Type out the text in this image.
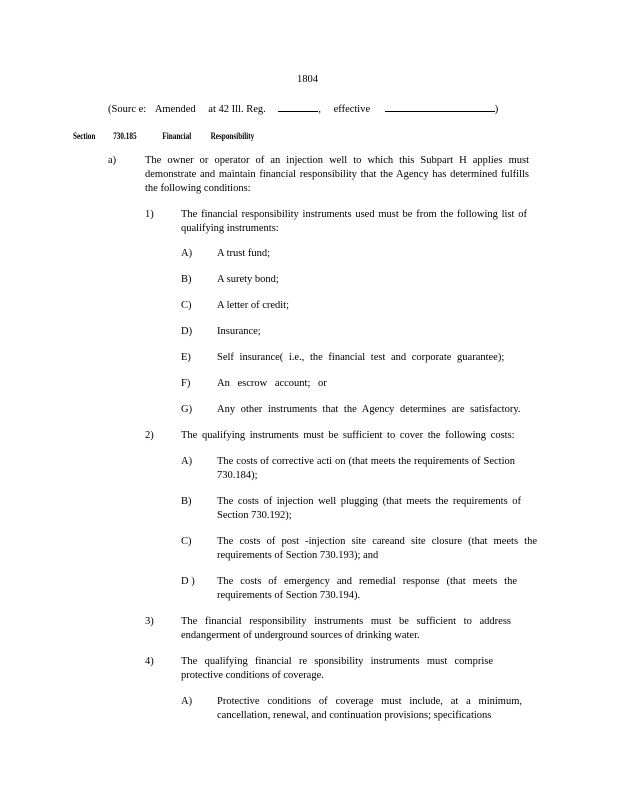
1804
(Sourc e: Amended at 42 Ill. Reg.	, effective	)
Section 730.185	Financial Responsibility
a)	The owner or operator of an injection well to which this Subpart H applies must demonstrate and maintain financial responsibility that the Agency has determined fulfills the following conditions:
1)	The financial responsibility instruments used must be from the following list of qualifying instruments:
A) A trust fund;
B) A surety bond;
C) A letter of credit;
D) Insurance;
E) Self insurance( i.e., the financial test and corporate guarantee);
F)	An escrow account; or
G) Any other instruments that the Agency determines are satisfactory.
2)	The qualifying instruments must be sufficient to cover the following costs:
A) The costs of corrective acti on (that meets the requirements of Section 730.184);
B) The costs of injection well plugging (that meets the requirements of Section 730.192);
C) The costs of post -injection site careand site closure (that meets the requirements of Section 730.193); and
D ) The costs of emergency and remedial response (that meets the requirements of Section 730.194).
3)	The financial responsibility instruments must be sufficient to address endangerment of underground sources of drinking water.
4)	The qualifying financial re sponsibility instruments must comprise protective conditions of coverage.
A) Protective conditions of coverage must include, at a minimum, cancellation, renewal, and continuation provisions; specifications
